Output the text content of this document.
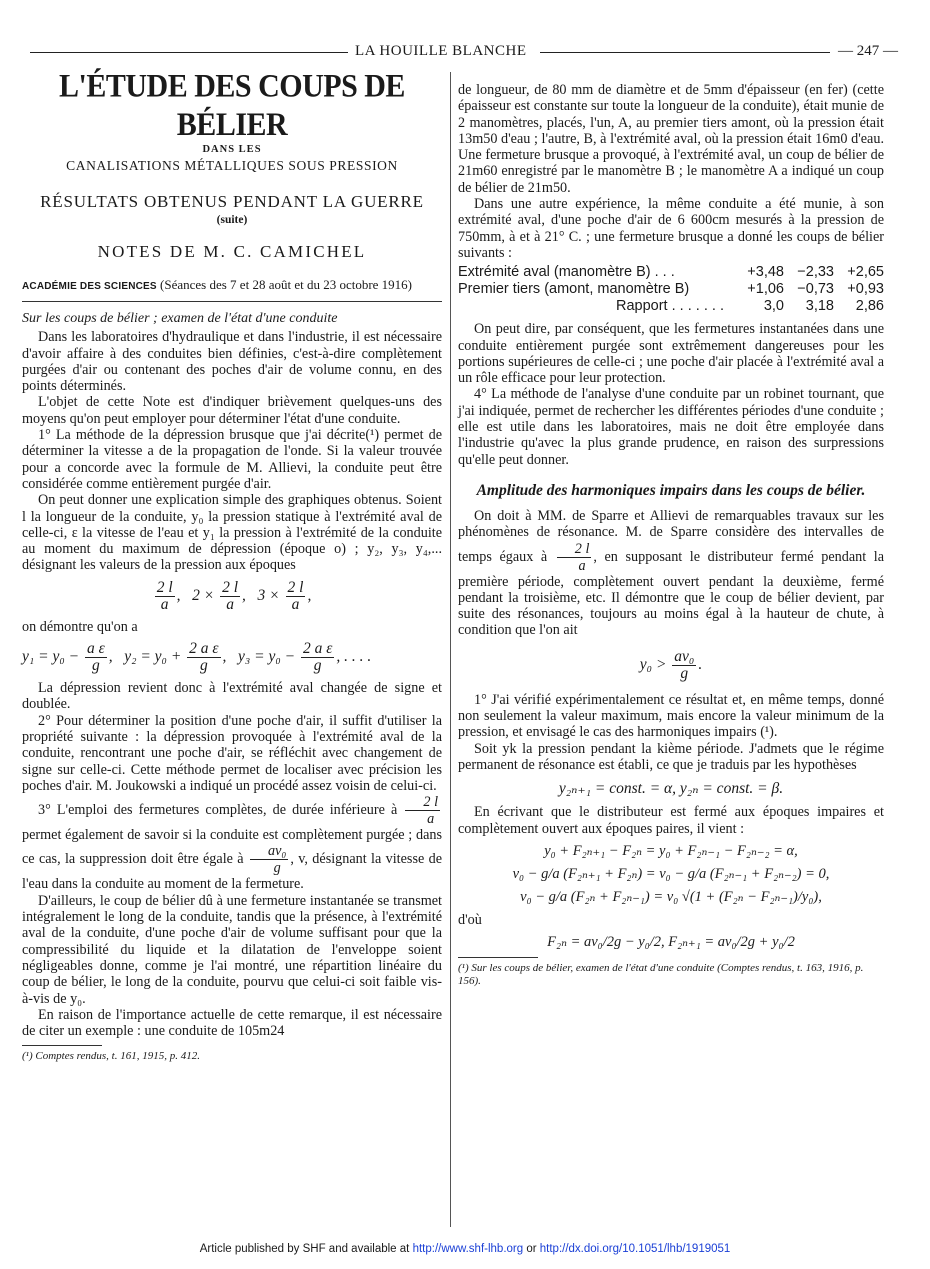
LA HOUILLE BLANCHE	— 247 —
L'ÉTUDE DES COUPS DE BÉLIER
DANS LES
CANALISATIONS MÉTALLIQUES SOUS PRESSION
RÉSULTATS OBTENUS PENDANT LA GUERRE
(suite)
NOTES DE M. C. CAMICHEL
ACADÉMIE DES SCIENCES (Séances des 7 et 28 août et du 23 octobre 1916)

Sur les coups de bélier ; examen de l'état d'une conduite

Dans les laboratoires d'hydraulique et dans l'industrie, il est nécessaire d'avoir affaire à des conduites bien définies, c'est-à-dire complètement purgées d'air ou contenant des poches d'air de volume connu, en des points déterminés.

L'objet de cette Note est d'indiquer brièvement quelques-uns des moyens qu'on peut employer pour déterminer l'état d'une conduite.

1° La méthode de la dépression brusque que j'ai décrite(¹) permet de déterminer la vitesse a de la propagation de l'onde. Si la valeur trouvée pour a concorde avec la formule de M. Allievi, la conduite peut être considérée comme entièrement purgée d'air.

On peut donner une explication simple des graphiques obtenus. Soient l la longueur de la conduite, y₀ la pression statique à l'extrémité aval de celle-ci, ε la vitesse de l'eau et y₁ la pression à l'extrémité de la conduite au moment du maximum de dépression (époque o) ; y₂, y₃, y₄,... désignant les valeurs de la pression aux époques

$\frac{2 l}{a}$ ,   $2 \times \frac{2 l}{a}$ ,   $3 \times \frac{2 l}{a}$ ,

on démontre qu'on a

$y_1 = y_0 - \frac{\text{a ε}}{g}$ ,   $y_2 = y_0 + \frac{\text{2 a ε}}{g}$ ,   $y_3 = y_0 - \frac{\text{2 a ε}}{g}$ , . . . .

La dépression revient donc à l'extrémité aval changée de signe et doublée.

2° Pour déterminer la position d'une poche d'air, il suffit d'utiliser la propriété suivante : la dépression provoquée à l'extrémité aval de la conduite, rencontrant une poche d'air, se réfléchit avec changement de signe sur celle-ci. Cette méthode permet de localiser avec précision les poches d'air. M. Joukowski a indiqué un procédé assez voisin de celui-ci.

3° L'emploi des fermetures complètes, de durée inférieure à $\frac{2 l}{a}$
permet également de savoir si la conduite est complètement purgée ; dans ce cas, la suppression doit être égale à $\frac{\text{av₀}}{g}$ , v, désignant la vitesse de l'eau dans la conduite au moment de la fermeture.

D'ailleurs, le coup de bélier dû à une fermeture instantanée se transmet intégralement le long de la conduite, tandis que la présence, à l'extrémité aval de la conduite, d'une poche d'air de volume suffisant pour que la compressibilité du liquide et la dilatation de l'enveloppe soient négligeables donne, comme je l'ai montré, une répartition linéaire du coup de bélier, le long de la conduite, pourvu que celui-ci soit faible vis-à-vis de y₀.

En raison de l'importance actuelle de cette remarque, il est nécessaire de citer un exemple : une conduite de 105m24

(¹) Comptes rendus, t. 161, 1915, p. 412.

de longueur, de 80 mm de diamètre et de 5mm d'épaisseur (en fer) (cette épaisseur est constante sur toute la longueur de la conduite), était munie de 2 manomètres, placés, l'un, A, au premier tiers amont, où la pression était 13m50 d'eau ; l'autre, B, à l'extrémité aval, où la pression était 16m0 d'eau. Une fermeture brusque a provoqué, à l'extrémité aval, un coup de bélier de 21m60 enregistré par le manomètre B ; le manomètre A a indiqué un coup de bélier de 21m50.

Dans une autre expérience, la même conduite a été munie, à son extrémité aval, d'une poche d'air de 6 600cm mesurés à la pression de 750mm, à et à 21° C. ; une fermeture brusque a donné les coups de bélier suivants :

Extrémité aval (manomètre B) . . .	+3,48 −2,33 +2,65
Premier tiers (amont, manomètre B)	+1,06 −0,73 +0,93
Rapport . . . . . . .	3,0	3,18	2,86

On peut dire, par conséquent, que les fermetures instantanées dans une conduite entièrement purgée sont extrêmement dangereuses pour les portions supérieures de celle-ci ; une poche d'air placée à l'extrémité aval a un rôle efficace pour leur protection.

4° La méthode de l'analyse d'une conduite par un robinet tournant, que j'ai indiquée, permet de rechercher les différentes périodes d'une conduite ; elle est utile dans les laboratoires, mais ne doit être employée dans l'industrie qu'avec la plus grande prudence, en raison des surpressions qu'elle peut donner.

Amplitude des harmoniques impairs dans les coups de bélier.

On doit à MM. de Sparre et Allievi de remarquables travaux sur les phénomènes de résonance. M. de Sparre considère des intervalles de temps égaux à $\frac{2 l}{a}$ , en supposant le distributeur fermé pendant la première période, complètement ouvert pendant la deuxième, fermé pendant la troisième, etc. Il démontre que le coup de bélier devient, par suite des résonances, toujours au moins égal à la hauteur de chute, à condition que l'on ait

$y_0 > \frac{\text{av₀}}{g}$ .

1° J'ai vérifié expérimentalement ce résultat et, en même temps, donné non seulement la valeur maximum, mais encore la valeur minimum de la pression, et envisagé le cas des harmoniques impairs (¹).

Soit yk la pression pendant la kième période. J'admets que le régime permanent de résonance est établi, ce que je traduis par les hypothèses

y₂ₙ₊₁ = const. = α, y₂ₙ = const. = β.

En écrivant que le distributeur est fermé aux époques impaires et complètement ouvert aux époques paires, il vient :

y₀ + F₂ₙ₊₁ − F₂ₙ = y₀ + F₂ₙ₋₁ − F₂ₙ₋₂ = α,
v₀ − g/a (F₂ₙ₊₁ + F₂ₙ) = v₀ − g/a (F₂ₙ₋₁ + F₂ₙ₋₂) = 0,
v₀ − g/a (F₂ₙ + F₂ₙ₋₁) = v₀ √(1 + (F₂ₙ − F₂ₙ₋₁)/y₀),

d'où

F₂ₙ = av₀/2g − y₀/2, F₂ₙ₊₁ = av₀/2g + y₀/2
(¹) Sur les coups de bélier, examen de l'état d'une conduite (Comptes rendus, t. 163, 1916, p. 156).
Article published by SHF and available at http://www.shf-lhb.org or http://dx.doi.org/10.1051/lhb/1919051
